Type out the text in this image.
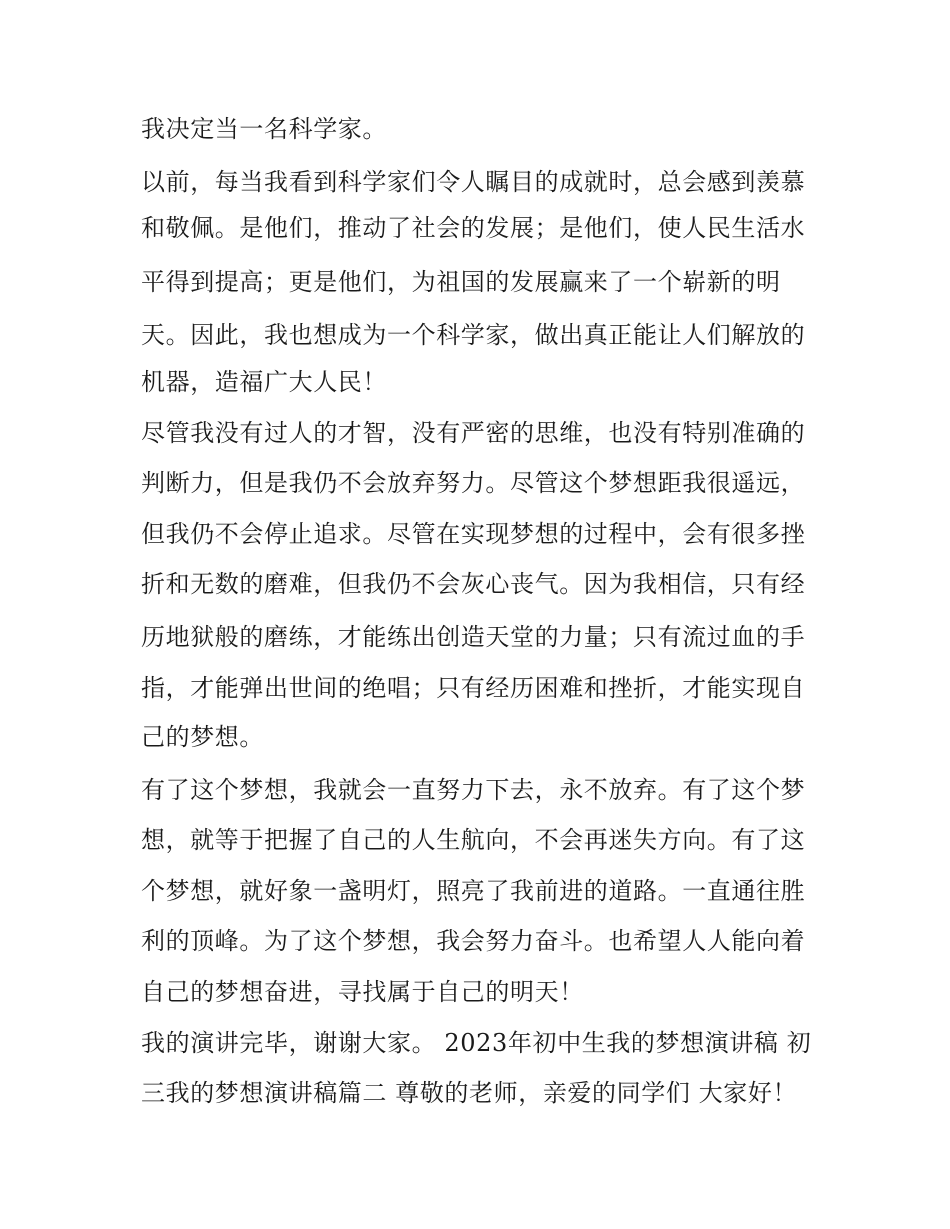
我决定当一名科学家。
以前，每当我看到科学家们令人瞩目的成就时，总会感到羡慕
和敬佩。是他们，推动了社会的发展；是他们，使人民生活水
平得到提高；更是他们，为祖国的发展赢来了一个崭新的明
天。因此，我也想成为一个科学家，做出真正能让人们解放的
机器，造福广大人民！
尽管我没有过人的才智，没有严密的思维，也没有特别准确的
判断力，但是我仍不会放弃努力。尽管这个梦想距我很遥远，
但我仍不会停止追求。尽管在实现梦想的过程中，会有很多挫
折和无数的磨难，但我仍不会灰心丧气。因为我相信，只有经
历地狱般的磨练，才能练出创造天堂的力量；只有流过血的手
指，才能弹出世间的绝唱；只有经历困难和挫折，才能实现自
己的梦想。
有了这个梦想，我就会一直努力下去，永不放弃。有了这个梦
想，就等于把握了自己的人生航向，不会再迷失方向。有了这
个梦想，就好象一盏明灯，照亮了我前进的道路。一直通往胜
利的顶峰。为了这个梦想，我会努力奋斗。也希望人人能向着
自己的梦想奋进，寻找属于自己的明天！
我的演讲完毕，谢谢大家。 2023年初中生我的梦想演讲稿 初
三我的梦想演讲稿篇二 尊敬的老师，亲爱的同学们 大家好！
